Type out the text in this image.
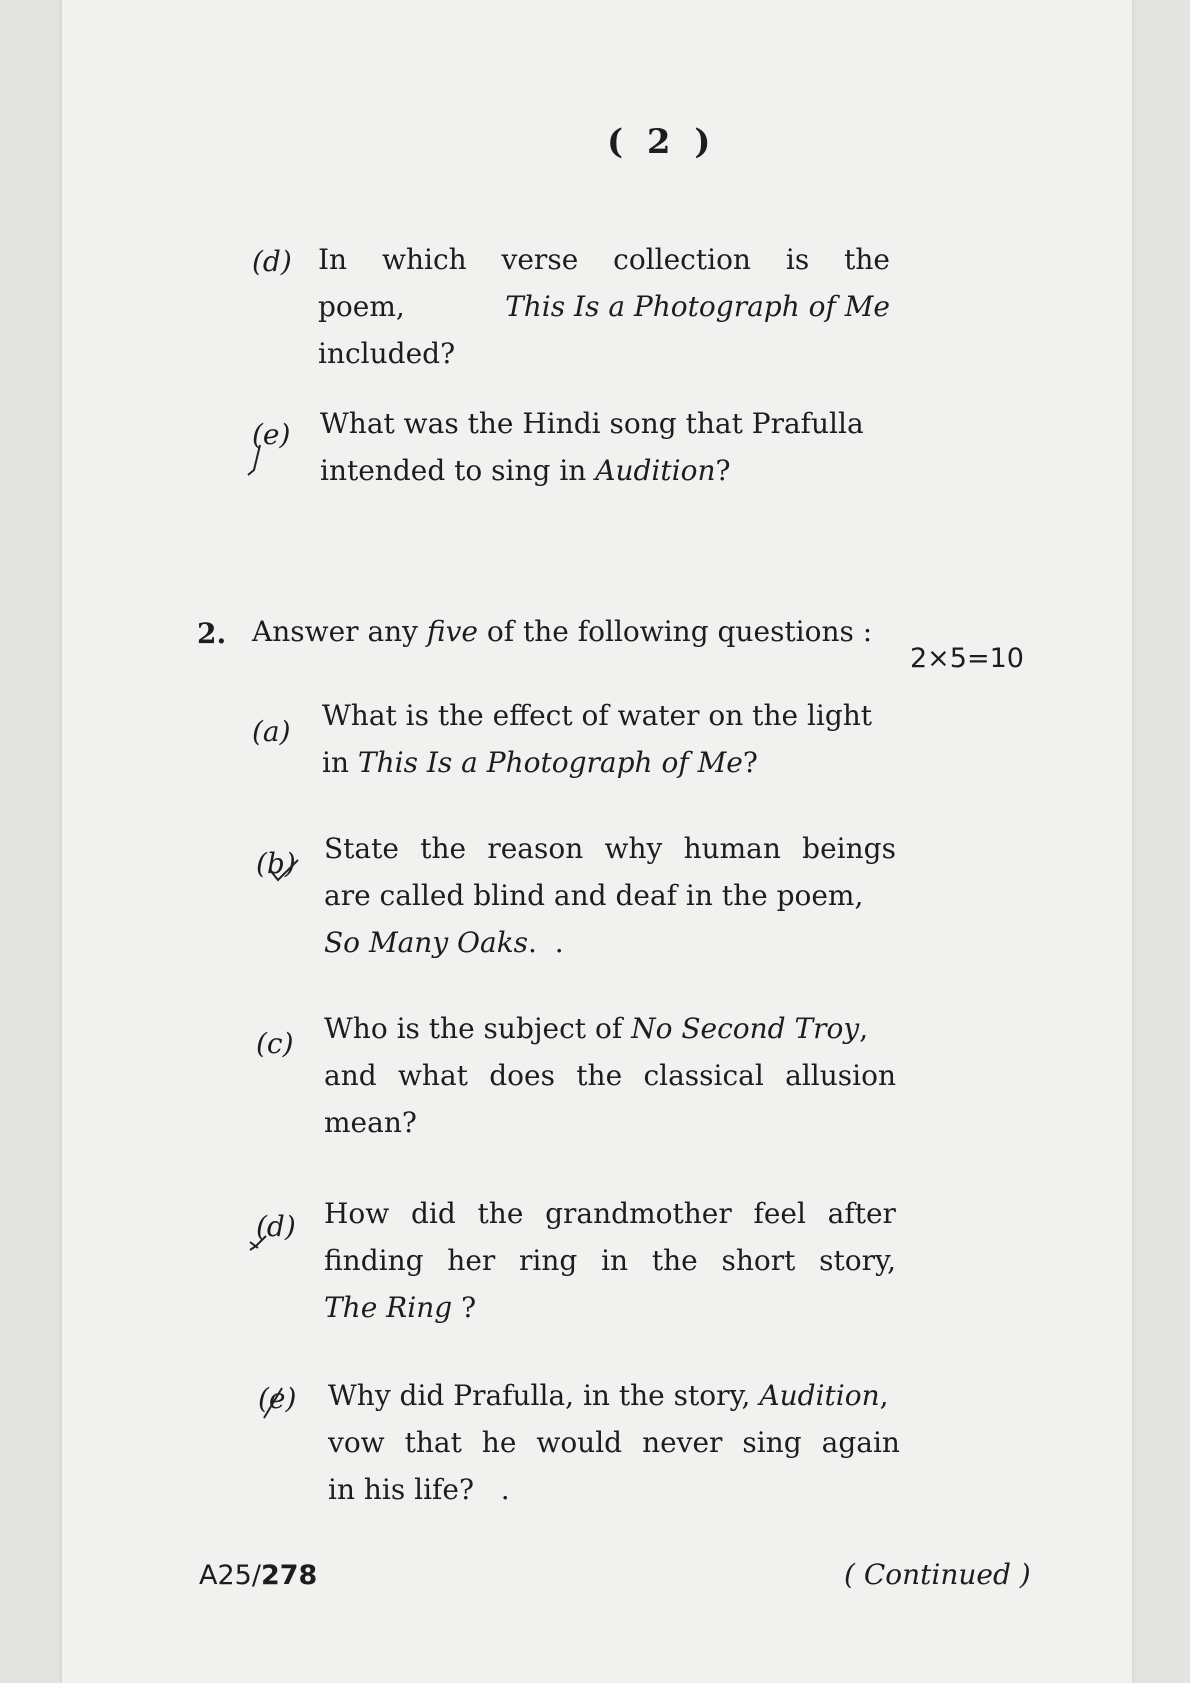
( 2 )
(d) In which verse collection is the
poem,	This Is a Photograph of Me
included?
(e) What was the Hindi song that Prafulla
intended to sing in Audition?
2. Answer any five of the following questions :
2×5=10
(a) What is the effect of water on the light
in This Is a Photograph of Me?
(b) State the reason why human beings
are called blind and deaf in the poem,
So Many Oaks. .
(c) Who is the subject of No Second Troy,
and what does the classical allusion
mean?
(d) How did the grandmother feel after
finding her ring in the short story,
The Ring ?
(e) Why did Prafulla, in the story, Audition,
vow that he would never sing again
in his life?   .
A25/278	( Continued )
